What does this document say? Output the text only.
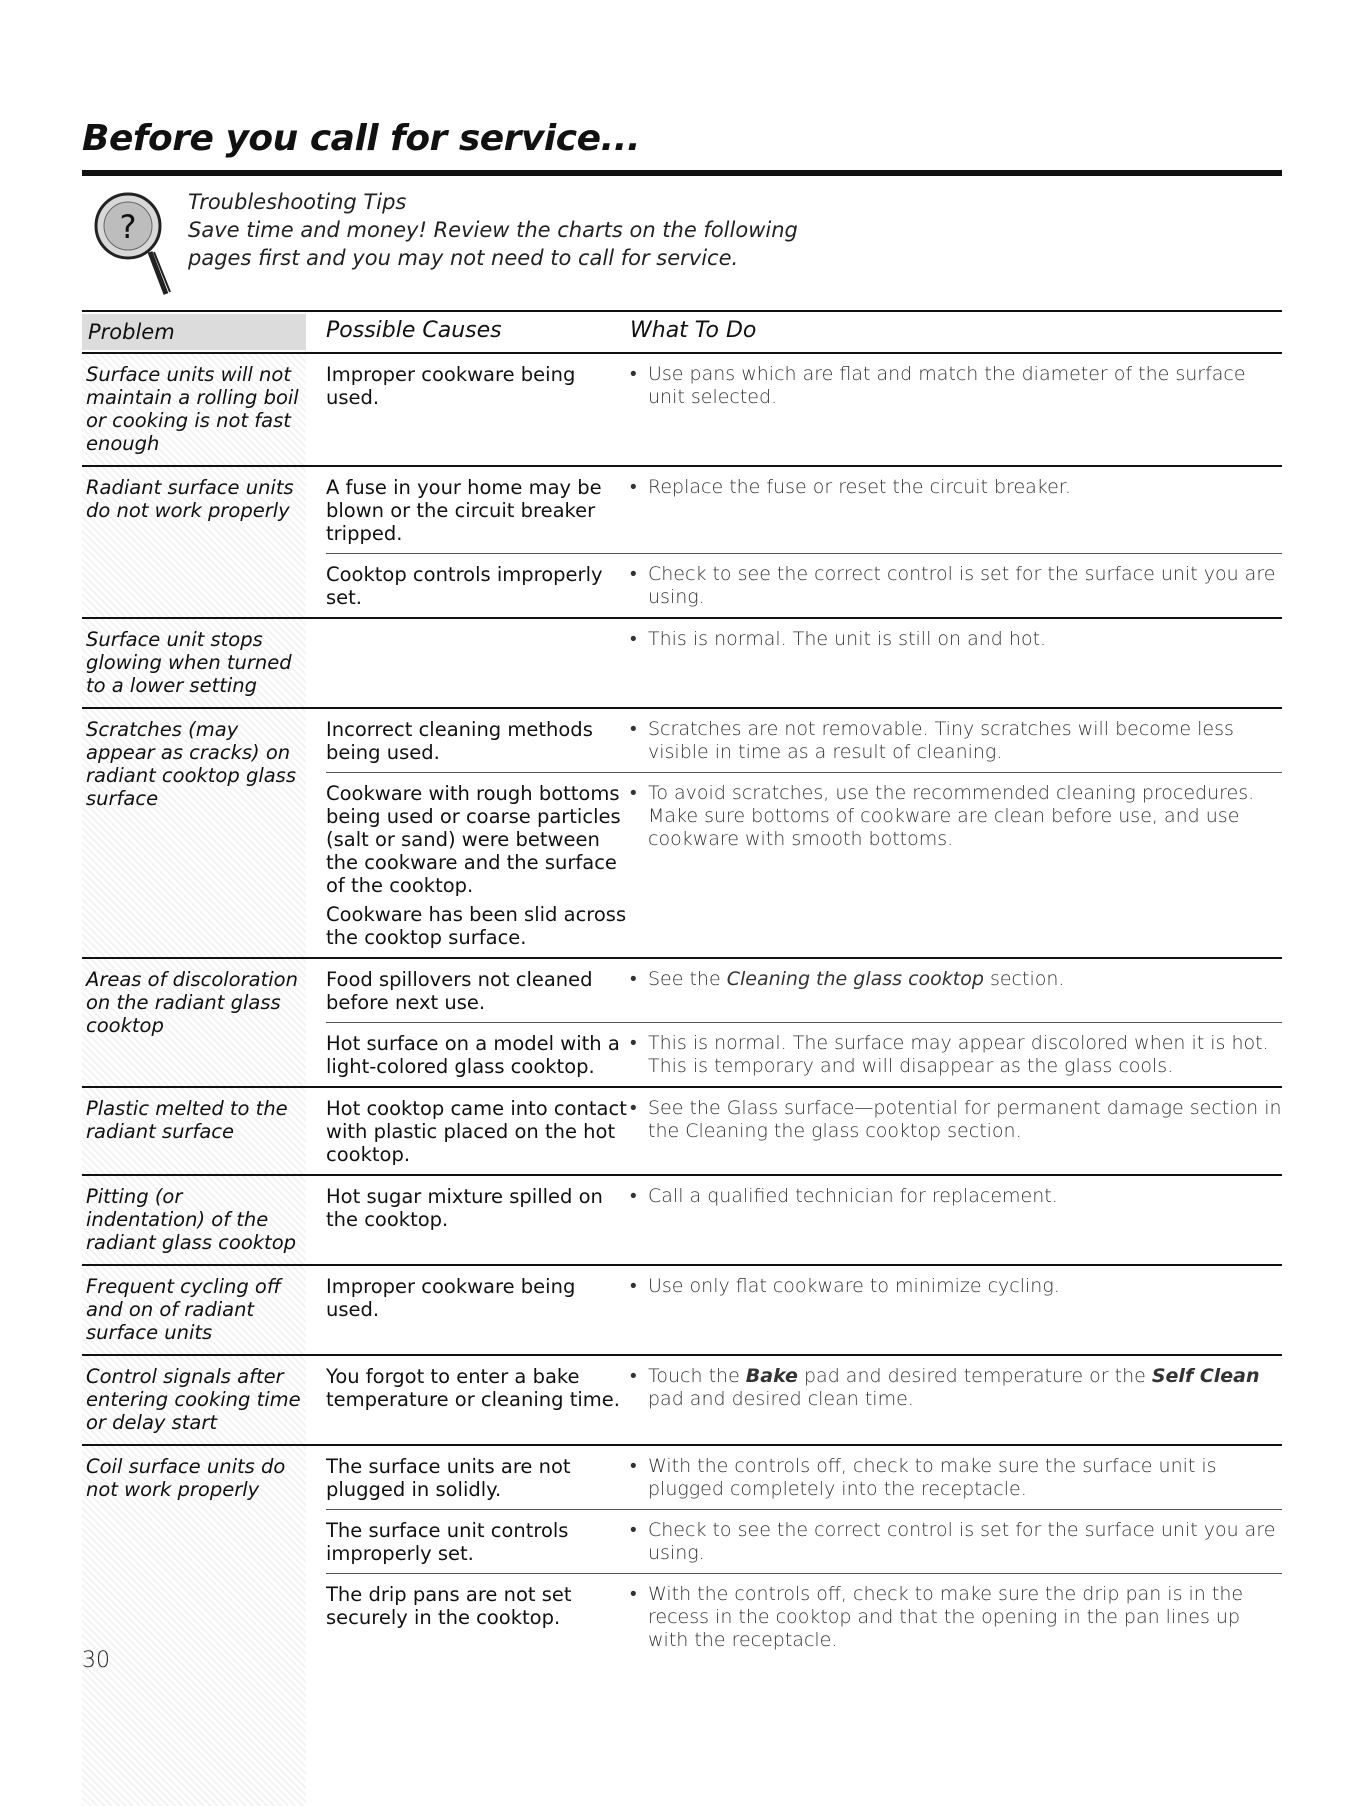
Before you call for service...
?
Troubleshooting Tips
Save time and money! Review the charts on the following
pages first and you may not need to call for service.
Problem	Possible Causes	What To Do
Surface units will not maintain a rolling boil or cooking is not fast enough
Improper cookware being used.
• Use pans which are flat and match the diameter of the surface unit selected.
Radiant surface units do not work properly
A fuse in your home may be blown or the circuit breaker tripped.
• Replace the fuse or reset the circuit breaker.
Cooktop controls improperly set.
• Check to see the correct control is set for the surface unit you are using.
Surface unit stops glowing when turned to a lower setting
• This is normal. The unit is still on and hot.
Scratches (may appear as cracks) on radiant cooktop glass surface
Incorrect cleaning methods being used.
• Scratches are not removable. Tiny scratches will become less visible in time as a result of cleaning.
Cookware with rough bottoms being used or coarse particles (salt or sand) were between the cookware and the surface of the cooktop.
Cookware has been slid across the cooktop surface.
• To avoid scratches, use the recommended cleaning procedures. Make sure bottoms of cookware are clean before use, and use cookware with smooth bottoms.
Areas of discoloration on the radiant glass cooktop
Food spillovers not cleaned before next use.
• See the Cleaning the glass cooktop section.
Hot surface on a model with a light-colored glass cooktop.
• This is normal. The surface may appear discolored when it is hot. This is temporary and will disappear as the glass cools.
Plastic melted to the radiant surface
Hot cooktop came into contact with plastic placed on the hot cooktop.
• See the Glass surface—potential for permanent damage section in the Cleaning the glass cooktop section.
Pitting (or indentation) of the radiant glass cooktop
Hot sugar mixture spilled on the cooktop.
• Call a qualified technician for replacement.
Frequent cycling off and on of radiant surface units
Improper cookware being used.
• Use only flat cookware to minimize cycling.
Control signals after entering cooking time or delay start
You forgot to enter a bake temperature or cleaning time.
• Touch the Bake pad and desired temperature or the Self Clean pad and desired clean time.
Coil surface units do not work properly
The surface units are not plugged in solidly.
• With the controls off, check to make sure the surface unit is plugged completely into the receptacle.
The surface unit controls improperly set.
• Check to see the correct control is set for the surface unit you are using.
The drip pans are not set securely in the cooktop.
• With the controls off, check to make sure the drip pan is in the recess in the cooktop and that the opening in the pan lines up with the receptacle.
30
